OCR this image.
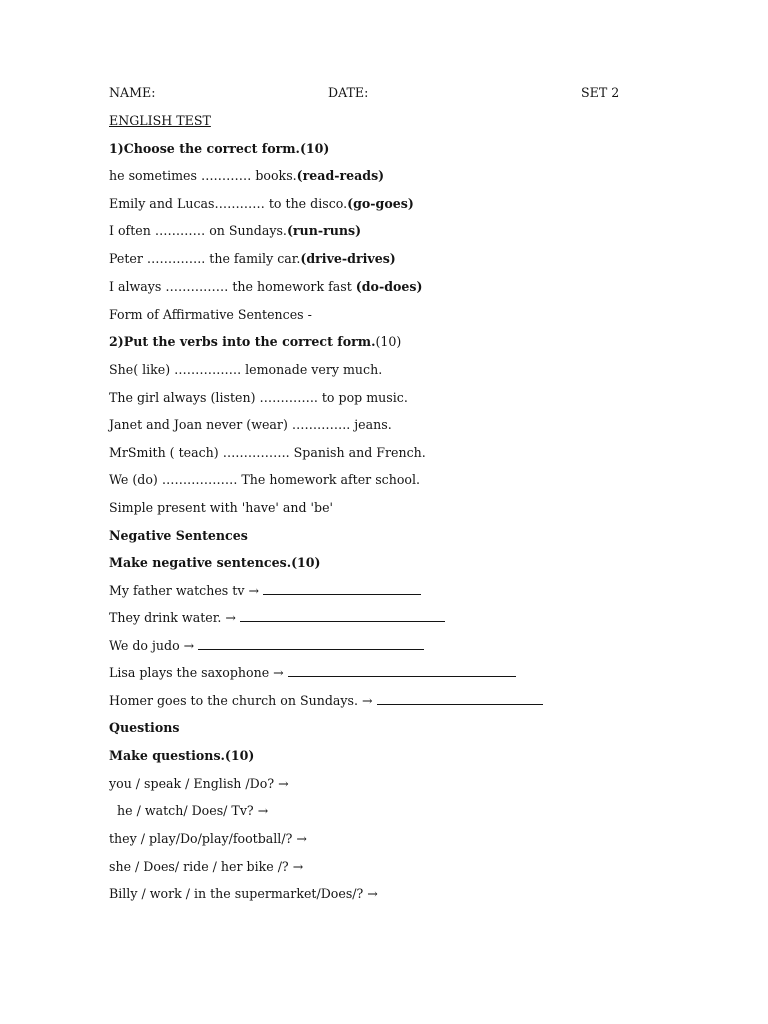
NAME:	DATE:	SET 2
ENGLISH TEST
1)Choose the correct form.(10)
he sometimes ………… books.(read-reads)
Emily and Lucas………… to the disco.(go-goes)
I often ………… on Sundays.(run-runs)
Peter ………….. the family car.(drive-drives)
I always …………… the homework fast (do-does)
Form of Affirmative Sentences -
2)Put the verbs into the correct form.(10)
She( like) ……………. lemonade very much.
The girl always (listen) ………….. to pop music.
Janet and Joan never (wear) ………….. jeans.
MrSmith ( teach) ……………. Spanish and French.
We (do) ……………… The homework after school.
Simple present with 'have' and 'be'
Negative Sentences
Make negative sentences.(10)
My father watches tv →
They drink water. →
We do judo →
Lisa plays the saxophone →
Homer goes to the church on Sundays. →
Questions
Make questions.(10)
you / speak / English /Do? →
he / watch/ Does/ Tv? →
they / play/Do/play/football/? →
she / Does/ ride / her bike /? →
Billy / work / in the supermarket/Does/? →
